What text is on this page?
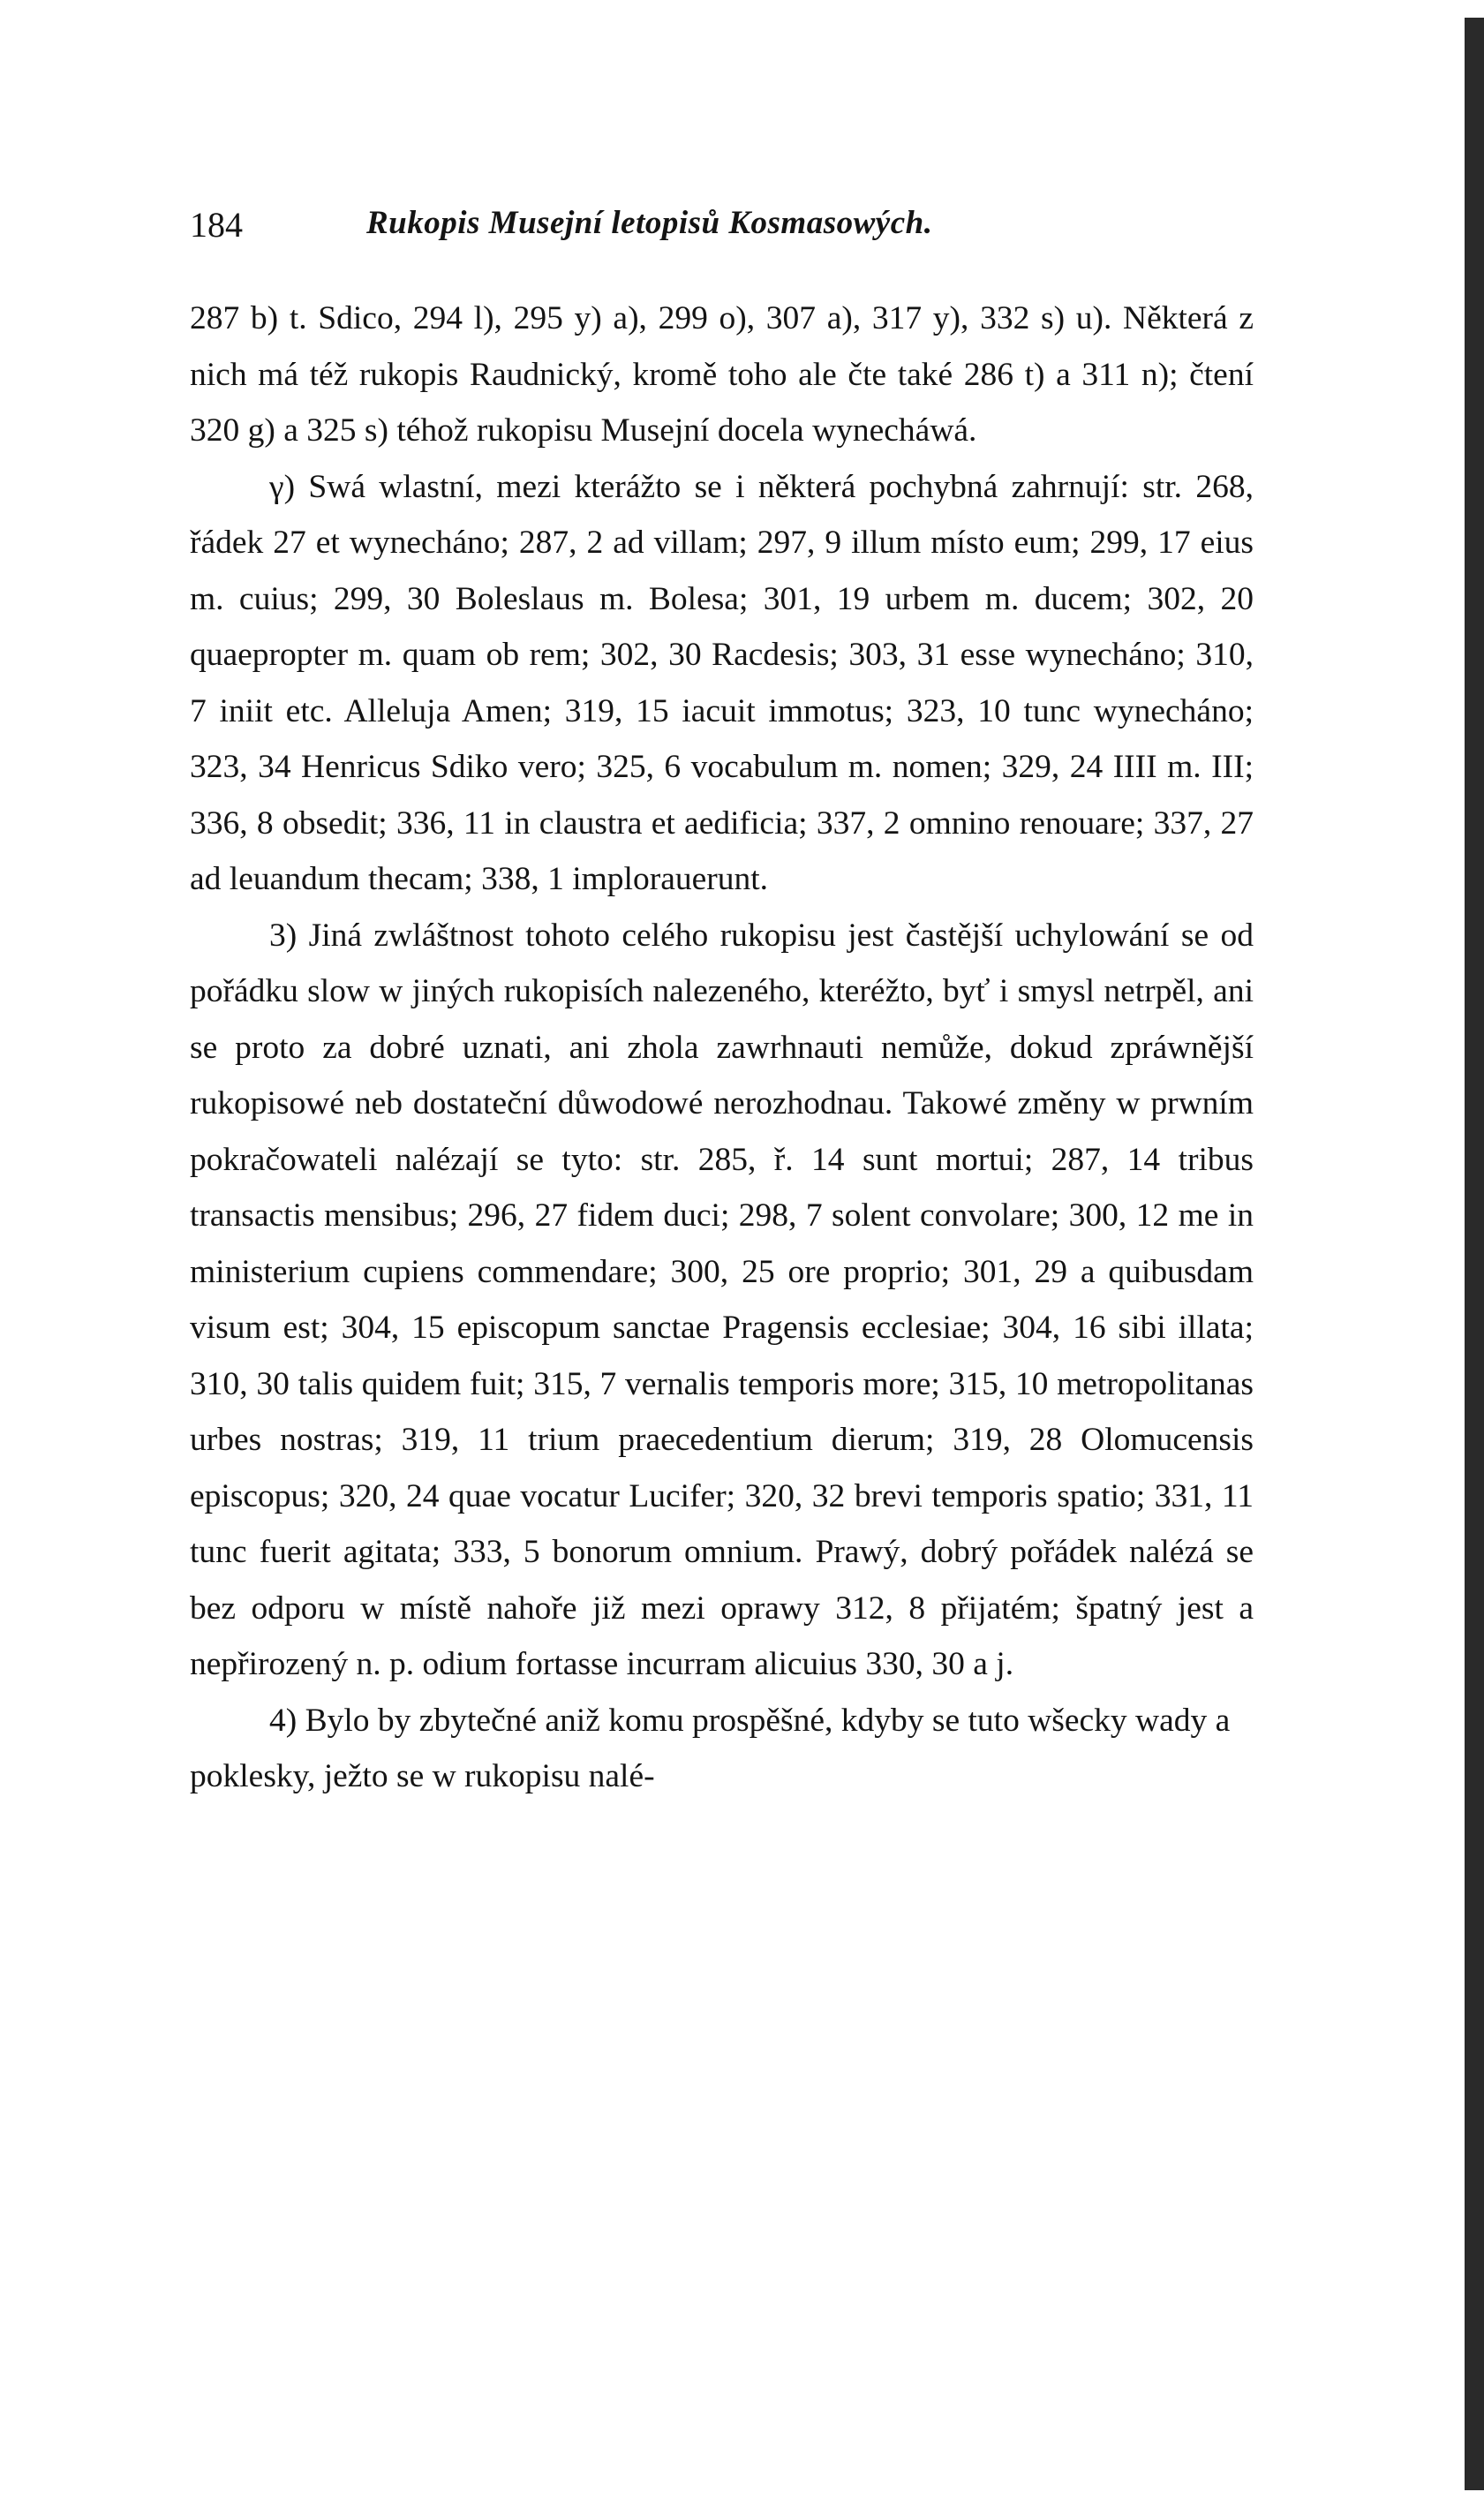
184	Rukopis Musejní letopisů Kosmasowých.

287 b) t. Sdico, 294 l), 295 y) a), 299 o), 307 a), 317 y), 332 s) u). Některá z nich má též rukopis Raudnický, kromě toho ale čte také 286 t) a 311 n); čtení 320 g) a 325 s) téhož rukopisu Musejní docela wynecháwá.

γ) Swá wlastní, mezi kterážto se i některá pochybná zahrnují: str. 268, řádek 27 et wynecháno; 287, 2 ad villam; 297, 9 illum místo eum; 299, 17 eius m. cuius; 299, 30 Boleslaus m. Bolesa; 301, 19 urbem m. ducem; 302, 20 quaepropter m. quam ob rem; 302, 30 Racdesis; 303, 31 esse wynecháno; 310, 7 iniit etc. Alleluja Amen; 319, 15 iacuit immotus; 323, 10 tunc wynecháno; 323, 34 Henricus Sdiko vero; 325, 6 vocabulum m. nomen; 329, 24 IIII m. III; 336, 8 obsedit; 336, 11 in claustra et aedificia; 337, 2 omnino renouare; 337, 27 ad leuandum thecam; 338, 1 implorauerunt.

3) Jiná zwláštnost tohoto celého rukopisu jest častější uchylowání se od pořádku slow w jiných rukopisích nalezeného, kteréžto, byť i smysl netrpěl, ani se proto za dobré uznati, ani zhola zawrhnauti nemůže, dokud zpráwnější rukopisowé neb dostateční důwodowé nerozhodnau. Takowé změny w prwním pokračowateli nalézají se tyto: str. 285, ř. 14 sunt mortui; 287, 14 tribus transactis mensibus; 296, 27 fidem duci; 298, 7 solent convolare; 300, 12 me in ministerium cupiens commendare; 300, 25 ore proprio; 301, 29 a quibusdam visum est; 304, 15 episcopum sanctae Pragensis ecclesiae; 304, 16 sibi illata; 310, 30 talis quidem fuit; 315, 7 vernalis temporis more; 315, 10 metropolitanas urbes nostras; 319, 11 trium praecedentium dierum; 319, 28 Olomucensis episcopus; 320, 24 quae vocatur Lucifer; 320, 32 brevi temporis spatio; 331, 11 tunc fuerit agitata; 333, 5 bonorum omnium. Prawý, dobrý pořádek nalézá se bez odporu w místě nahoře již mezi oprawy 312, 8 přijatém; špatný jest a nepřirozený n. p. odium fortasse incurram alicuius 330, 30 a j.

4) Bylo by zbytečné aniž komu prospěšné, kdyby se tuto wšecky wady a poklesky, ježto se w rukopisu nalé-
